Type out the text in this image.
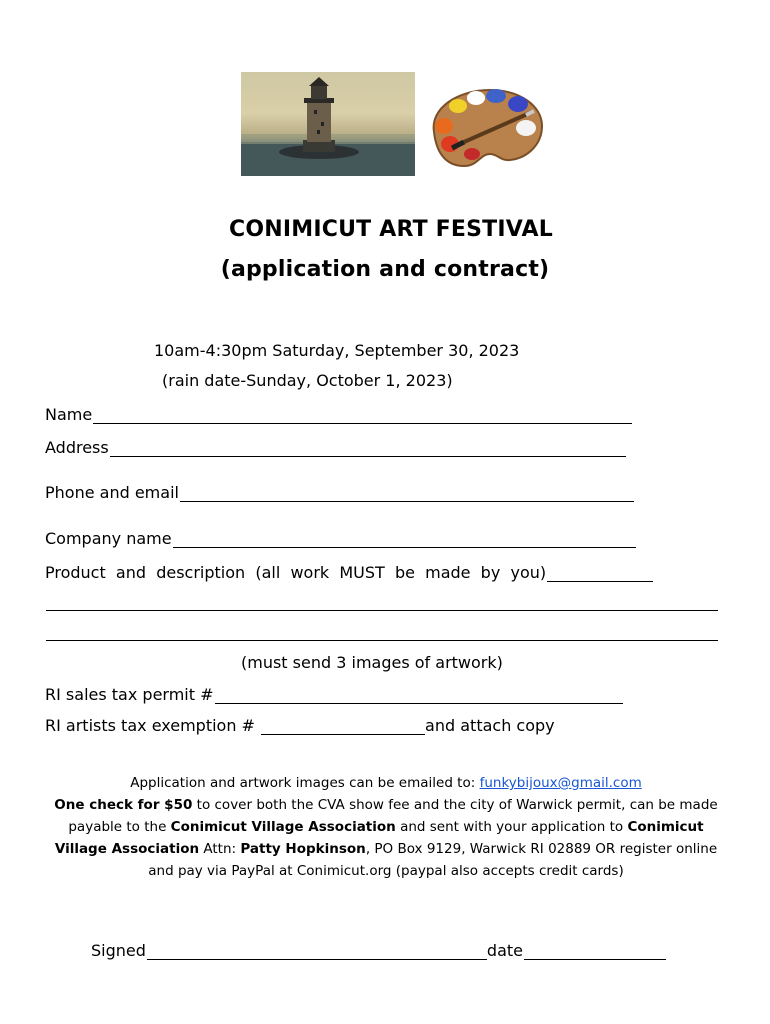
CONIMICUT ART FESTIVAL
(application and contract)
10am-4:30pm Saturday, September 30, 2023
(rain date-Sunday, October 1, 2023)
Name
Address
Phone and email
Company name
Product  and  description  (all  work  MUST  be  made  by  you)
(must send 3 images of artwork)
RI sales tax permit #
RI artists tax exemption #	and attach copy
Application and artwork images can be emailed to: funkybijoux@gmail.com
One check for $50 to cover both the CVA show fee and the city of Warwick permit, can be made payable to the Conimicut Village Association and sent with your application to Conimicut Village Association Attn: Patty Hopkinson, PO Box 9129, Warwick RI 02889 OR register online and pay via PayPal at Conimicut.org (paypal also accepts credit cards)
Signed	date
